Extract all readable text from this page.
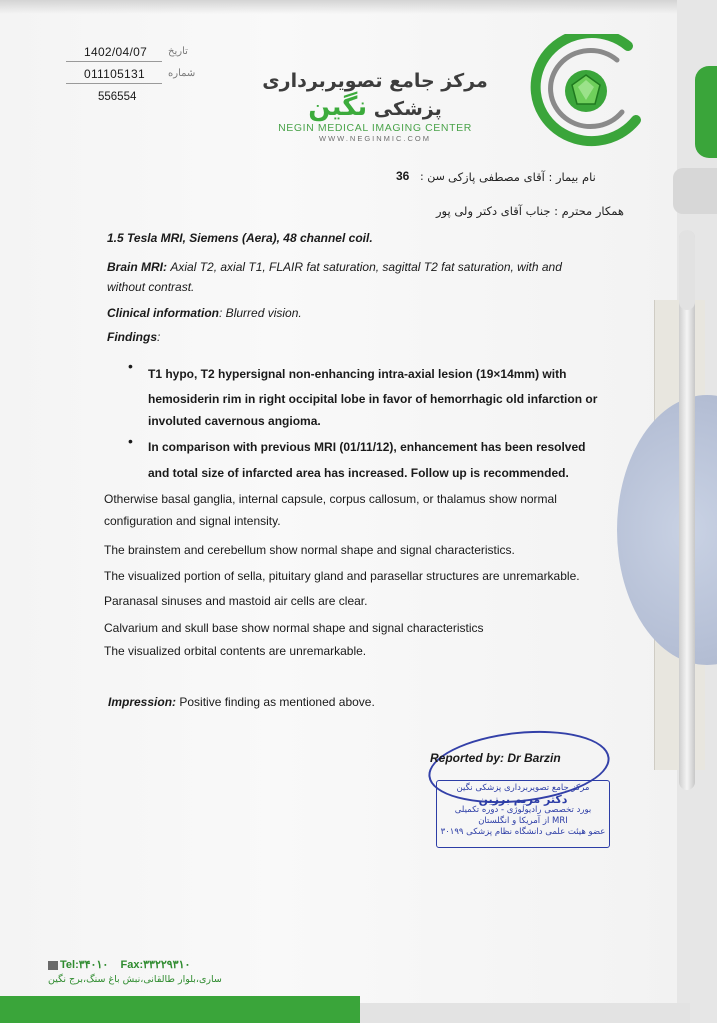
1402/04/07 تاریخ
011105131 شماره
556554
مرکز جامع تصویربرداری پزشکی نگین
NEGIN MEDICAL IMAGING CENTER
WWW.NEGINMIC.COM
نام بیمار : آقای مصطفی پازکی
سن :
36
همکار محترم : جناب آقای دکتر ولی پور
1.5 Tesla MRI, Siemens (Aera), 48 channel coil.
Brain MRI: Axial T2, axial T1, FLAIR fat saturation, sagittal T2 fat saturation, with and
without contrast.
Clinical information: Blurred vision.
Findings:
• T1 hypo, T2 hypersignal non-enhancing intra-axial lesion (19×14mm) with
hemosiderin rim in right occipital lobe in favor of hemorrhagic old infarction or
involuted cavernous angioma.
• In comparison with previous MRI (01/11/12), enhancement has been resolved
and total size of infarcted area has increased. Follow up is recommended.
Otherwise basal ganglia, internal capsule, corpus callosum, or thalamus show normal
configuration and signal intensity.
The brainstem and cerebellum show normal shape and signal characteristics.
The visualized portion of sella, pituitary gland and parasellar structures are unremarkable.
Paranasal sinuses and mastoid air cells are clear.
Calvarium and skull base show normal shape and signal characteristics
The visualized orbital contents are unremarkable.
Impression: Positive finding as mentioned above.
Reported by: Dr Barzin
مرکز جامع تصویربرداری پزشکی نگین
دکتر مریم برزین
بورد تخصصی رادیولوژی - دوره تکمیلی
MRI از آمریکا و انگلستان
عضو هیئت علمی دانشگاه نظام پزشکی ۳۰۱۹۹
Tel:۳۴۰۱۰ Fax:۳۳۲۲۹۳۱۰
ساری،بلوار طالقانی،نبش باغ سنگ،برج نگین
